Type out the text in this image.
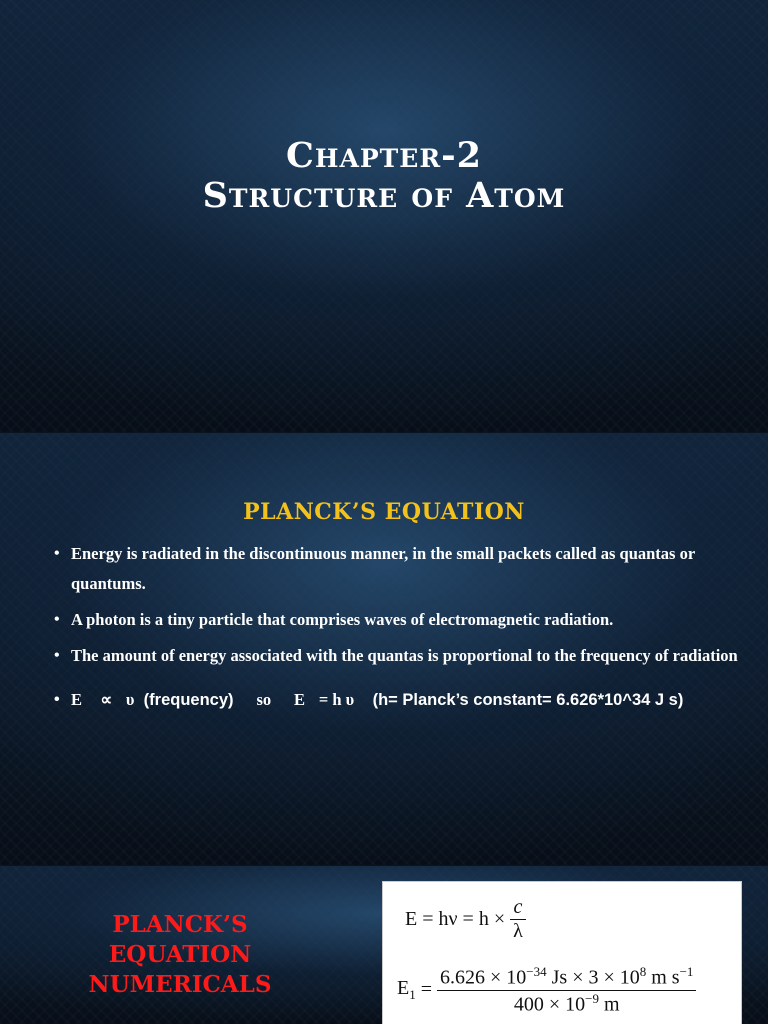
Chapter-2
Structure of Atom
PLANCK’S EQUATION
• Energy is radiated in the discontinuous manner, in the small packets called as quantas or quantums.
• A photon is a tiny particle that comprises waves of electromagnetic radiation.
• The amount of energy associated with the quantas is proportional to the frequency of radiation
• E ∝ υ (frequency) so E = h υ (h= Planck’s constant= 6.626*10^34 J s)
PLANCK’S
EQUATION
NUMERICALS
$E = h\nu = h \times \frac{c}{\lambda}$
$E_1 = \frac{6.626 \times 10^{-34} Js \times 3 \times 10^8 m s^{-1}}{400 \times 10^{-9} m}$
